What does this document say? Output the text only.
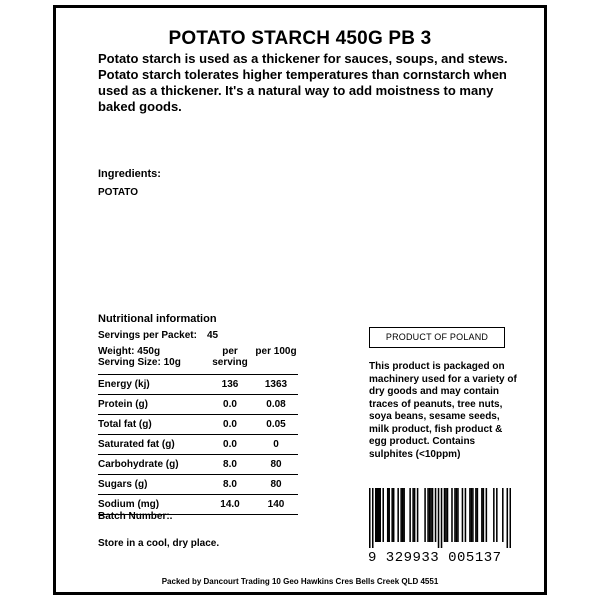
POTATO STARCH 450G PB 3
Potato starch is used as a thickener for sauces, soups, and stews. Potato starch tolerates higher temperatures than cornstarch when used as a thickener. It's a natural way to add moistness to many baked goods.
Ingredients:
POTATO
Nutritional information
Servings per Packet: 45
Weight: 450g
Serving Size: 10g	per serving	per 100g
Energy (kj)	136	1363
Protein (g)	0.0	0.08
Total fat (g)	0.0	0.05
Saturated fat (g)	0.0	0
Carbohydrate (g)	8.0	80
Sugars (g)	8.0	80
Sodium (mg)	14.0	140
Batch Number:.
Store in a cool, dry place.
PRODUCT OF POLAND
This product is packaged on machinery used for a variety of dry goods and may contain traces of peanuts, tree nuts, soya beans, sesame seeds, milk product, fish product & egg product. Contains sulphites (<10ppm)
9 329933 005137
Packed by Dancourt Trading 10 Geo Hawkins Cres Bells Creek QLD 4551
